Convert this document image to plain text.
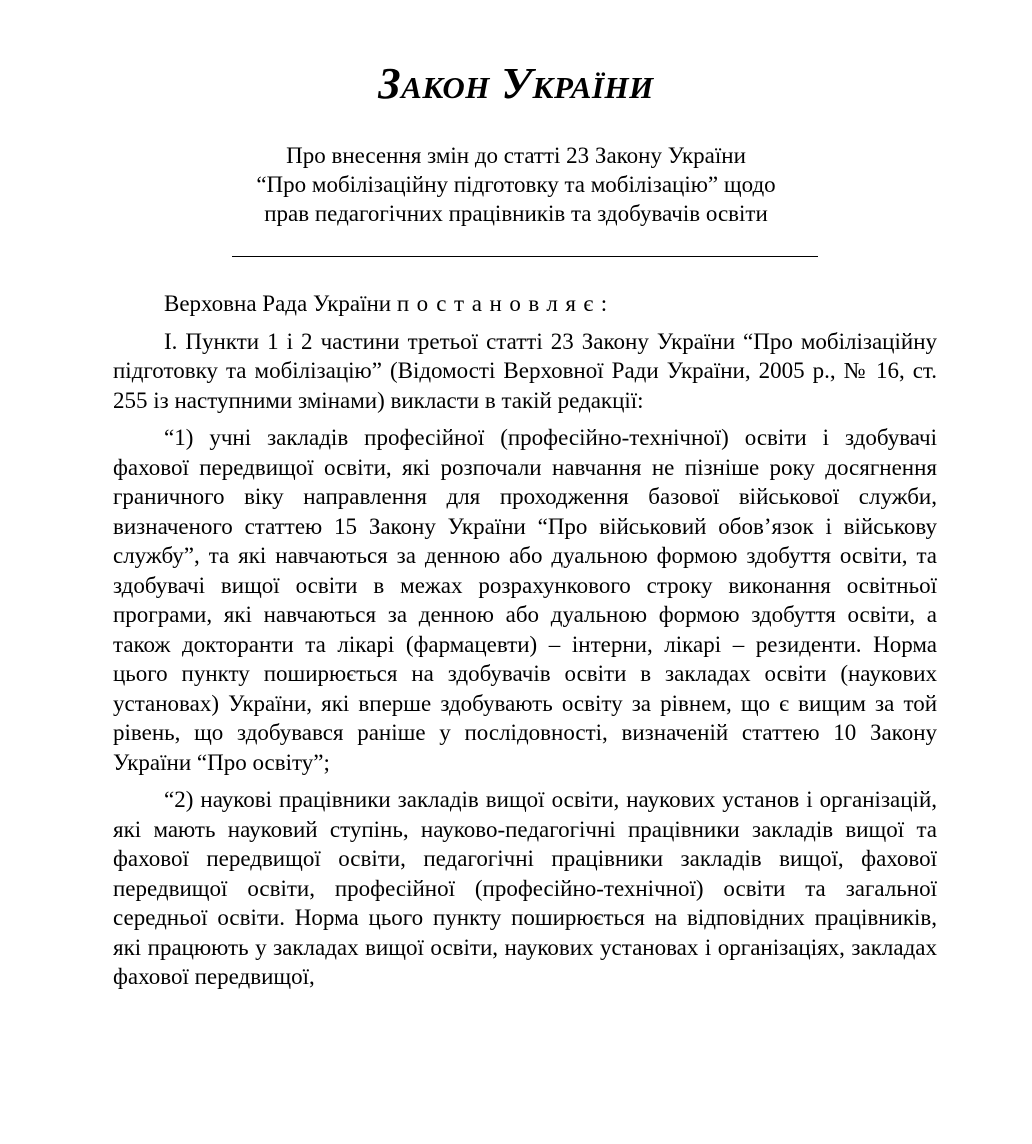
Закон України
Про внесення змін до статті 23 Закону України
“Про мобілізаційну підготовку та мобілізацію” щодо
прав педагогічних працівників та здобувачів освіти

Верховна Рада України постановляє:

I. Пункти 1 і 2 частини третьої статті 23 Закону України “Про мобілізаційну підготовку та мобілізацію” (Відомості Верховної Ради України, 2005 р., № 16, ст. 255 із наступними змінами) викласти в такій редакції:

“1) учні закладів професійної (професійно-технічної) освіти і здобувачі фахової передвищої освіти, які розпочали навчання не пізніше року досягнення граничного віку направлення для проходження базової військової служби, визначеного статтею 15 Закону України “Про військовий обов’язок і військову службу”, та які навчаються за денною або дуальною формою здобуття освіти, та здобувачі вищої освіти в межах розрахункового строку виконання освітньої програми, які навчаються за денною або дуальною формою здобуття освіти, а також докторанти та лікарі (фармацевти) – інтерни, лікарі – резиденти. Норма цього пункту поширюється на здобувачів освіти в закладах освіти (наукових установах) України, які вперше здобувають освіту за рівнем, що є вищим за той рівень, що здобувався раніше у послідовності, визначеній статтею 10 Закону України “Про освіту”;

“2) наукові працівники закладів вищої освіти, наукових установ і організацій, які мають науковий ступінь, науково-педагогічні працівники закладів вищої та фахової передвищої освіти, педагогічні працівники закладів вищої, фахової передвищої освіти, професійної (професійно-технічної) освіти та загальної середньої освіти. Норма цього пункту поширюється на відповідних працівників, які працюють у закладах вищої освіти, наукових установах і організаціях, закладах фахової передвищої,
